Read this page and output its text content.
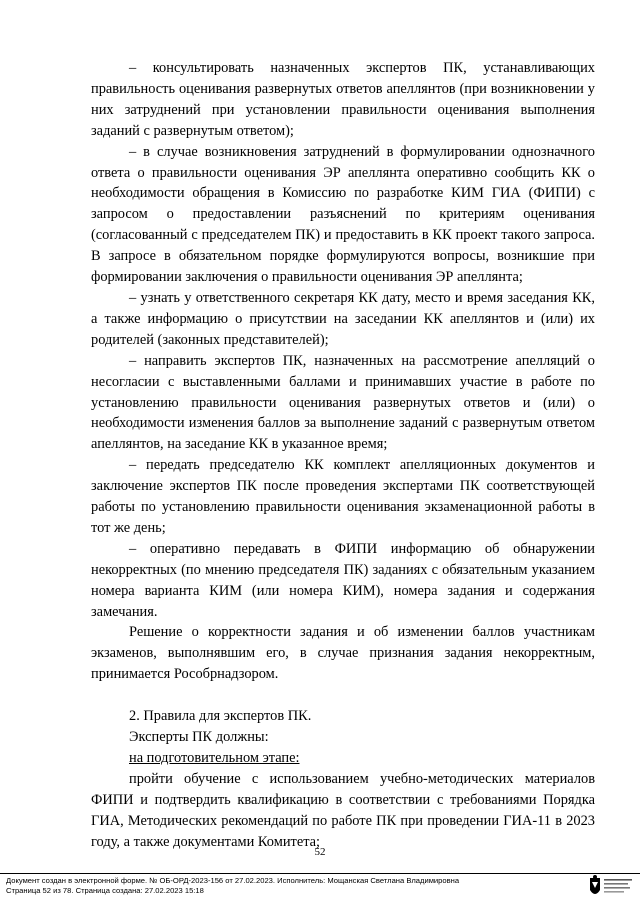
– консультировать назначенных экспертов ПК, устанавливающих правильность оценивания развернутых ответов апеллянтов (при возникновении у них затруднений при установлении правильности оценивания выполнения заданий с развернутым ответом);

– в случае возникновения затруднений в формулировании однозначного ответа о правильности оценивания ЭР апеллянта оперативно сообщить КК о необходимости обращения в Комиссию по разработке КИМ ГИА (ФИПИ) с запросом о предоставлении разъяснений по критериям оценивания (согласованный с председателем ПК) и предоставить в КК проект такого запроса. В запросе в обязательном порядке формулируются вопросы, возникшие при формировании заключения о правильности оценивания ЭР апеллянта;

– узнать у ответственного секретаря КК дату, место и время заседания КК, а также информацию о присутствии на заседании КК апеллянтов и (или) их родителей (законных представителей);

– направить экспертов ПК, назначенных на рассмотрение апелляций о несогласии с выставленными баллами и принимавших участие в работе по установлению правильности оценивания развернутых ответов и (или) о необходимости изменения баллов за выполнение заданий с развернутым ответом апеллянтов, на заседание КК в указанное время;

– передать председателю КК комплект апелляционных документов и заключение экспертов ПК после проведения экспертами ПК соответствующей работы по установлению правильности оценивания экзаменационной работы в тот же день;

– оперативно передавать в ФИПИ информацию об обнаружении некорректных (по мнению председателя ПК) заданиях с обязательным указанием номера варианта КИМ (или номера КИМ), номера задания и содержания замечания.

Решение о корректности задания и об изменении баллов участникам экзаменов, выполнявшим его, в случае признания задания некорректным, принимается Рособрнадзором.

2. Правила для экспертов ПК.

Эксперты ПК должны:

на подготовительном этапе:

пройти обучение с использованием учебно-методических материалов ФИПИ и подтвердить квалификацию в соответствии с требованиями Порядка ГИА, Методических рекомендаций по работе ПК при проведении ГИА-11 в 2023 году, а также документами Комитета;

52
Документ создан в электронной форме. № ОБ-ОРД-2023-156 от 27.02.2023. Исполнитель: Мощанская Светлана Владимировна
Страница 52 из 78. Страница создана: 27.02.2023 15:18
